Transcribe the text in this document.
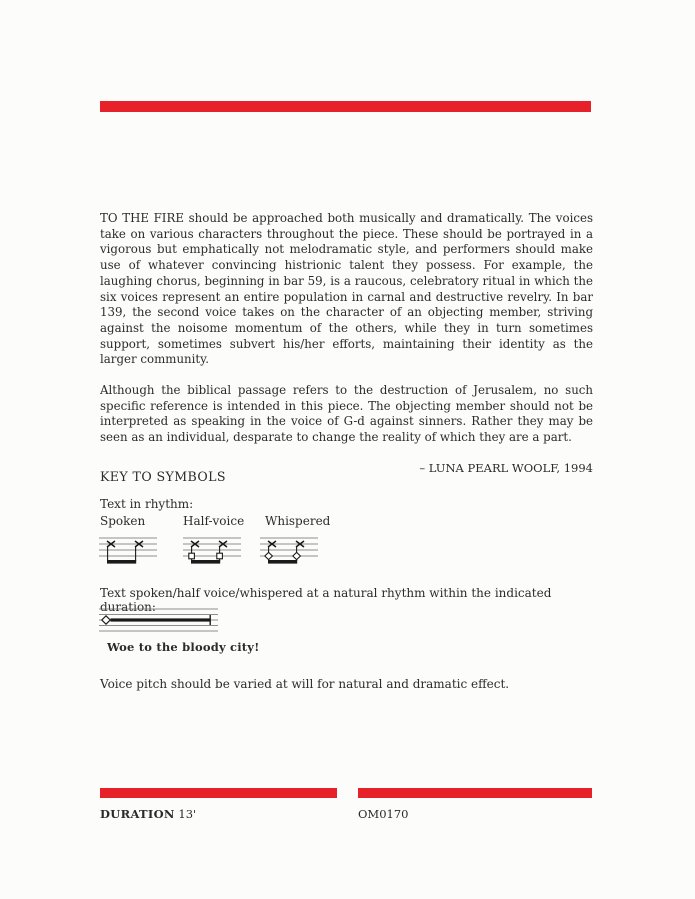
TO THE FIRE should be approached both musically and dramatically. The voices take on various characters throughout the piece. These should be portrayed in a vigorous but emphatically not melodramatic style, and performers should make use of whatever convincing histrionic talent they possess. For example, the laughing chorus, beginning in bar 59, is a raucous, celebratory ritual in which the six voices represent an entire population in carnal and destructive revelry. In bar 139, the second voice takes on the character of an objecting member, striving against the noisome momentum of the others, while they in turn sometimes support, sometimes subvert his/her efforts, maintaining their identity as the larger community.

Although the biblical passage refers to the destruction of Jerusalem, no such specific reference is intended in this piece. The objecting member should not be interpreted as speaking in the voice of G-d against sinners. Rather they may be seen as an individual, desparate to change the reality of which they are a part.

– LUNA PEARL WOOLF, 1994
KEY TO SYMBOLS
Text in rhythm:
Spoken	Half-voice Whispered
Text spoken/half voice/whispered at a natural rhythm within the indicated duration:
Woe to the bloody city!
Voice pitch should be varied at will for natural and dramatic effect.
DURATION 13'	OM0170
